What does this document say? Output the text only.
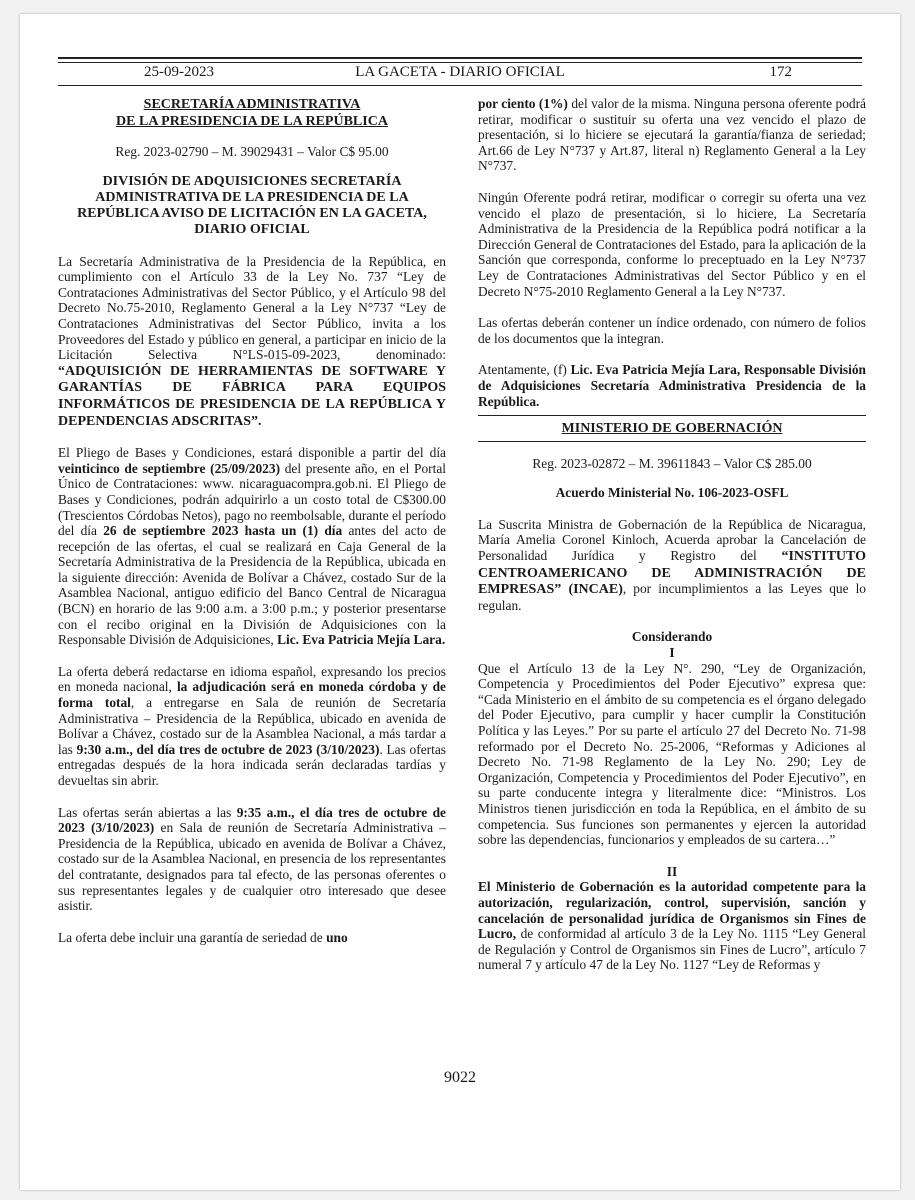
25-09-2023	LA GACETA - DIARIO OFICIAL	172
SECRETARÍA ADMINISTRATIVA
DE LA PRESIDENCIA DE LA REPÚBLICA
Reg. 2023-02790 – M. 39029431 – Valor C$ 95.00
DIVISIÓN DE ADQUISICIONES SECRETARÍA ADMINISTRATIVA DE LA PRESIDENCIA DE LA REPÚBLICA AVISO DE LICITACIÓN EN LA GACETA, DIARIO OFICIAL

La Secretaría Administrativa de la Presidencia de la República, en cumplimiento con el Artículo 33 de la Ley No. 737 “Ley de Contrataciones Administrativas del Sector Público, y el Artículo 98 del Decreto No.75-2010, Reglamento General a la Ley N°737 “Ley de Contrataciones Administrativas del Sector Público, invita a los Proveedores del Estado y público en general, a participar en inicio de la Licitación Selectiva N°LS-015-09-2023, denominado: “ADQUISICIÓN DE HERRAMIENTAS DE SOFTWARE Y GARANTÍAS DE FÁBRICA PARA EQUIPOS INFORMÁTICOS DE PRESIDENCIA DE LA REPÚBLICA Y DEPENDENCIAS ADSCRITAS”.

El Pliego de Bases y Condiciones, estará disponible a partir del día veinticinco de septiembre (25/09/2023) del presente año, en el Portal Único de Contrataciones: www. nicaraguacompra.gob.ni. El Pliego de Bases y Condiciones, podrán adquirirlo a un costo total de C$300.00 (Trescientos Córdobas Netos), pago no reembolsable, durante el período del día 26 de septiembre 2023 hasta un (1) día antes del acto de recepción de las ofertas, el cual se realizará en Caja General de la Secretaría Administrativa de la Presidencia de la República, ubicada en la siguiente dirección: Avenida de Bolívar a Chávez, costado Sur de la Asamblea Nacional, antiguo edificio del Banco Central de Nicaragua (BCN) en horario de las 9:00 a.m. a 3:00 p.m.; y posterior presentarse con el recibo original en la División de Adquisiciones con la Responsable División de Adquisiciones, Lic. Eva Patricia Mejía Lara.

La oferta deberá redactarse en idioma español, expresando los precios en moneda nacional, la adjudicación será en moneda córdoba y de forma total, a entregarse en Sala de reunión de Secretaría Administrativa – Presidencia de la República, ubicado en avenida de Bolívar a Chávez, costado sur de la Asamblea Nacional, a más tardar a las 9:30 a.m., del día tres de octubre de 2023 (3/10/2023). Las ofertas entregadas después de la hora indicada serán declaradas tardías y devueltas sin abrir.

Las ofertas serán abiertas a las 9:35 a.m., el día tres de octubre de 2023 (3/10/2023) en Sala de reunión de Secretaría Administrativa – Presidencia de la República, ubicado en avenida de Bolívar a Chávez, costado sur de la Asamblea Nacional, en presencia de los representantes del contratante, designados para tal efecto, de las personas oferentes o sus representantes legales y de cualquier otro interesado que desee asistir.

La oferta debe incluir una garantía de seriedad de uno

por ciento (1%) del valor de la misma. Ninguna persona oferente podrá retirar, modificar o sustituir su oferta una vez vencido el plazo de presentación, si lo hiciere se ejecutará la garantía/fianza de seriedad; Art.66 de Ley N°737 y Art.87, literal n) Reglamento General a la Ley N°737.

Ningún Oferente podrá retirar, modificar o corregir su oferta una vez vencido el plazo de presentación, si lo hiciere, La Secretaría Administrativa de la Presidencia de la República podrá notificar a la Dirección General de Contrataciones del Estado, para la aplicación de la Sanción que corresponda, conforme lo preceptuado en la Ley N°737 Ley de Contrataciones Administrativas del Sector Público y en el Decreto N°75-2010 Reglamento General a la Ley N°737.

Las ofertas deberán contener un índice ordenado, con número de folios de los documentos que la integran.

Atentamente, (f) Lic. Eva Patricia Mejía Lara, Responsable División de Adquisiciones Secretaría Administrativa Presidencia de la República.

MINISTERIO DE GOBERNACIÓN
Reg. 2023-02872 – M. 39611843 – Valor C$ 285.00
Acuerdo Ministerial No. 106-2023-OSFL

La Suscrita Ministra de Gobernación de la República de Nicaragua, María Amelia Coronel Kinloch, Acuerda aprobar la Cancelación de Personalidad Jurídica y Registro del “INSTITUTO CENTROAMERICANO DE ADMINISTRACIÓN DE EMPRESAS” (INCAE), por incumplimientos a las Leyes que lo regulan.

Considerando
I

Que el Artículo 13 de la Ley N°. 290, “Ley de Organización, Competencia y Procedimientos del Poder Ejecutivo” expresa que: “Cada Ministerio en el ámbito de su competencia es el órgano delegado del Poder Ejecutivo, para cumplir y hacer cumplir la Constitución Política y las Leyes.” Por su parte el artículo 27 del Decreto No. 71-98 reformado por el Decreto No. 25-2006, “Reformas y Adiciones al Decreto No. 71-98 Reglamento de la Ley No. 290; Ley de Organización, Competencia y Procedimientos del Poder Ejecutivo”, en su parte conducente integra y literalmente dice: “Ministros. Los Ministros tienen jurisdicción en toda la República, en el ámbito de su competencia. Sus funciones son permanentes y ejercen la autoridad sobre las dependencias, funcionarios y empleados de su cartera…”

II

El Ministerio de Gobernación es la autoridad competente para la autorización, regularización, control, supervisión, sanción y cancelación de personalidad jurídica de Organismos sin Fines de Lucro, de conformidad al artículo 3 de la Ley No. 1115 “Ley General de Regulación y Control de Organismos sin Fines de Lucro”, artículo 7 numeral 7 y artículo 47 de la Ley No. 1127 “Ley de Reformas y

9022
